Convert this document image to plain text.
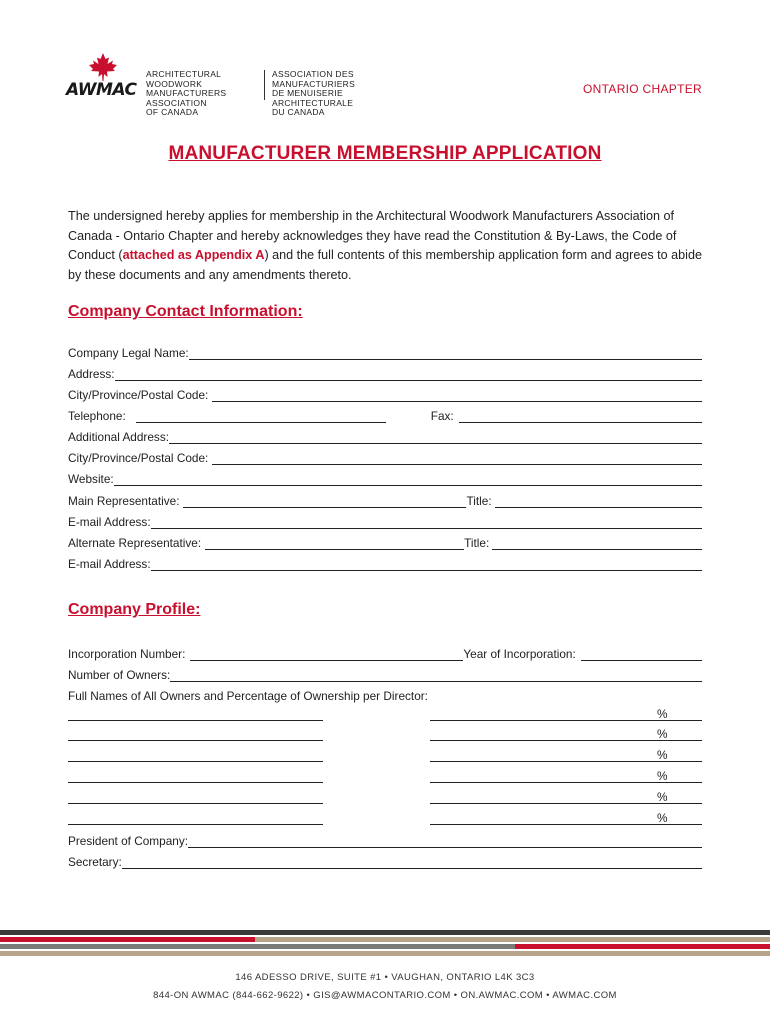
AWMAC
ARCHITECTURAL WOODWORK
MANUFACTURERS ASSOCIATION
OF CANADA
ASSOCIATION DES MANUFACTURIERS
DE MENUISERIE ARCHITECTURALE
DU CANADA
ONTARIO CHAPTER
MANUFACTURER MEMBERSHIP APPLICATION
The undersigned hereby applies for membership in the Architectural Woodwork Manufacturers Association of Canada - Ontario Chapter and hereby acknowledges they have read the Constitution & By-Laws, the Code of Conduct (attached as Appendix A) and the full contents of this membership application form and agrees to abide by these documents and any amendments thereto.
Company Contact Information:
Company Legal Name:
Address:
City/Province/Postal Code:
Telephone:	Fax:
Additional Address:
City/Province/Postal Code:
Website:
Main Representative:	Title:
E-mail Address:
Alternate Representative:	Title:
E-mail Address:
Company Profile:
Incorporation Number:	Year of Incorporation:
Number of Owners:
Full Names of All Owners and Percentage of Ownership per Director:
%
%
%
%
%
%
President of Company:
Secretary:
146 ADESSO DRIVE, SUITE #1 • VAUGHAN, ONTARIO L4K 3C3
844-ON AWMAC (844-662-9622) • GIS@AWMACONTARIO.COM • ON.AWMAC.COM • AWMAC.COM
